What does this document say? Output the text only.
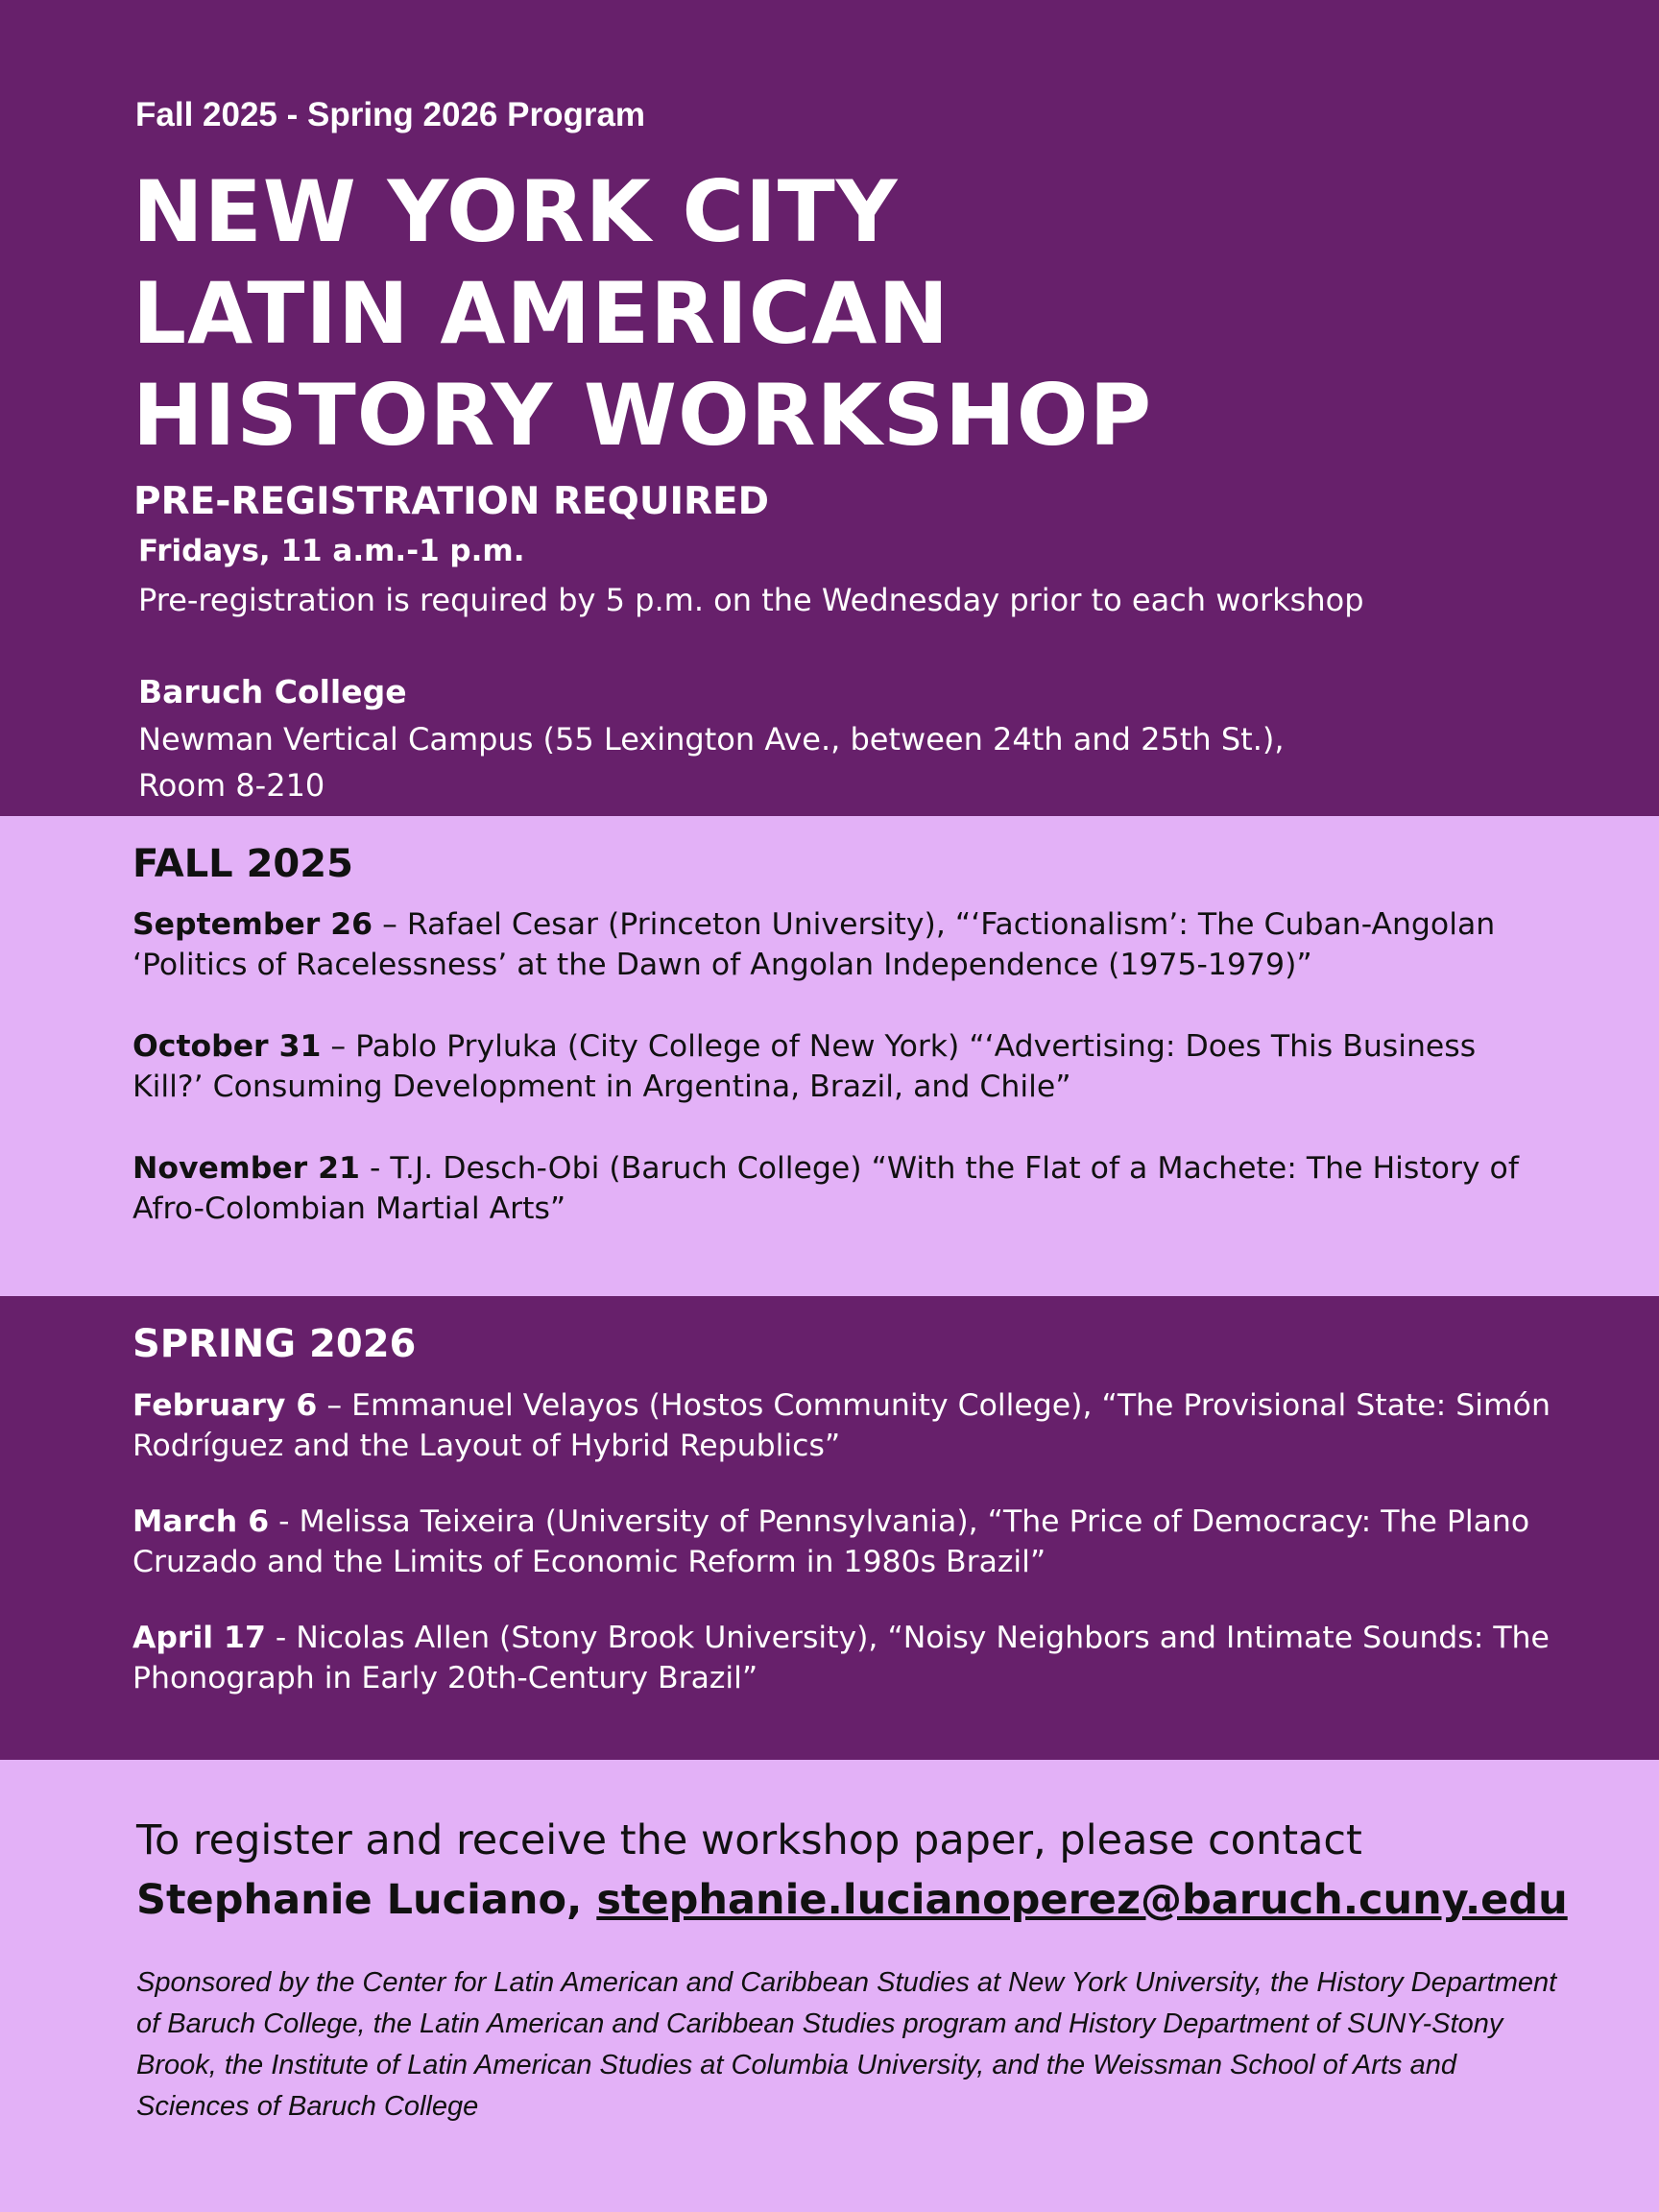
Fall 2025 - Spring 2026 Program

NEW YORK CITY
LATIN AMERICAN
HISTORY WORKSHOP

PRE-REGISTRATION REQUIRED

Fridays, 11 a.m.-1 p.m.

Pre-registration is required by 5 p.m. on the Wednesday prior to each workshop

Baruch College

Newman Vertical Campus (55 Lexington Ave., between 24th and 25th St.),
Room 8-210
FALL 2025

September 26 – Rafael Cesar (Princeton University), “‘Factionalism’: The Cuban-Angolan ‘Politics of Racelessness’ at the Dawn of Angolan Independence (1975-1979)”

October 31 – Pablo Pryluka (City College of New York) “‘Advertising: Does This Business Kill?’ Consuming Development in Argentina, Brazil, and Chile”

November 21 - T.J. Desch-Obi (Baruch College) “With the Flat of a Machete: The History of Afro-Colombian Martial Arts”

SPRING 2026

February 6 – Emmanuel Velayos (Hostos Community College), “The Provisional State: Simón Rodríguez and the Layout of Hybrid Republics”

March 6 - Melissa Teixeira (University of Pennsylvania), “The Price of Democracy: The Plano Cruzado and the Limits of Economic Reform in 1980s Brazil”

April 17 - Nicolas Allen (Stony Brook University), “Noisy Neighbors and Intimate Sounds: The Phonograph in Early 20th-Century Brazil”

To register and receive the workshop paper, please contact
Stephanie Luciano, stephanie.lucianoperez@baruch.cuny.edu

Sponsored by the Center for Latin American and Caribbean Studies at New York University, the History Department of Baruch College, the Latin American and Caribbean Studies program and History Department of SUNY-Stony Brook, the Institute of Latin American Studies at Columbia University, and the Weissman School of Arts and Sciences of Baruch College
